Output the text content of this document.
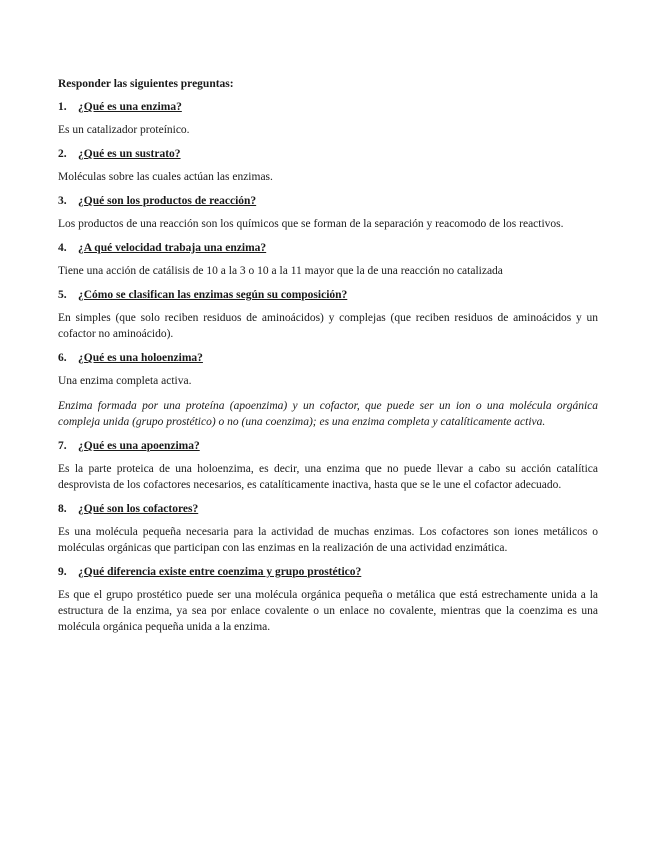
Responder las siguientes preguntas:

1. ¿Qué es una enzima?

Es un catalizador proteínico.

2. ¿Qué es un sustrato?

Moléculas sobre las cuales actúan las enzimas.

3. ¿Qué son los productos de reacción?

Los productos de una reacción son los químicos que se forman de la separación y reacomodo de los reactivos.

4. ¿A qué velocidad trabaja una enzima?

Tiene una acción de catálisis de 10 a la 3 o 10 a la 11 mayor que la de una reacción no catalizada

5. ¿Cómo se clasifican las enzimas según su composición?

En simples (que solo reciben residuos de aminoácidos) y complejas (que reciben residuos de aminoácidos y un cofactor no aminoácido).

6. ¿Qué es una holoenzima?

Una enzima completa activa.

Enzima formada por una proteína (apoenzima) y un cofactor, que puede ser un ion o una molécula orgánica compleja unida (grupo prostético) o no (una coenzima); es una enzima completa y catalíticamente activa.

7. ¿Qué es una apoenzima?

Es la parte proteica de una holoenzima, es decir, una enzima que no puede llevar a cabo su acción catalítica desprovista de los cofactores necesarios, es catalíticamente inactiva, hasta que se le une el cofactor adecuado.

8. ¿Qué son los cofactores?

Es una molécula pequeña necesaria para la actividad de muchas enzimas. Los cofactores son iones metálicos o moléculas orgánicas que participan con las enzimas en la realización de una actividad enzimática.

9. ¿Qué diferencia existe entre coenzima y grupo prostético?

Es que el grupo prostético puede ser una molécula orgánica pequeña o metálica que está estrechamente unida a la estructura de la enzima, ya sea por enlace covalente o un enlace no covalente, mientras que la coenzima es una molécula orgánica pequeña unida a la enzima.
